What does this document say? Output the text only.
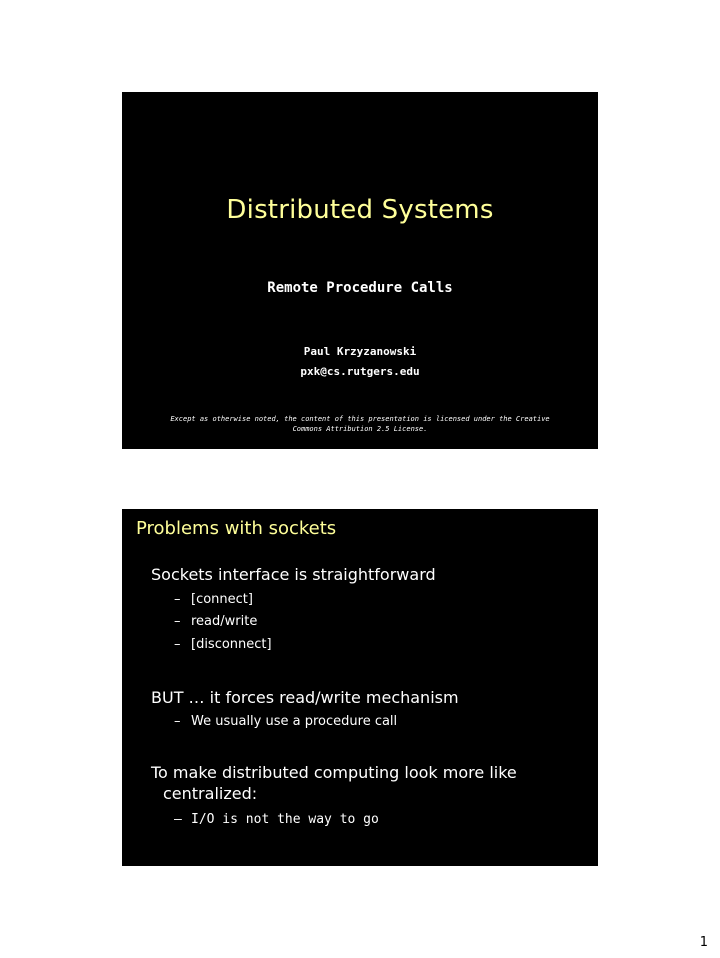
Distributed Systems
Remote Procedure Calls
Paul Krzyzanowski
pxk@cs.rutgers.edu
Except as otherwise noted, the content of this presentation is licensed under the Creative Commons Attribution 2.5 License.
Problems with sockets
Sockets interface is straightforward
– [connect]
– read/write
– [disconnect]
BUT … it forces read/write mechanism
– We usually use a procedure call
To make distributed computing look more like centralized:
– I/O is not the way to go
1
